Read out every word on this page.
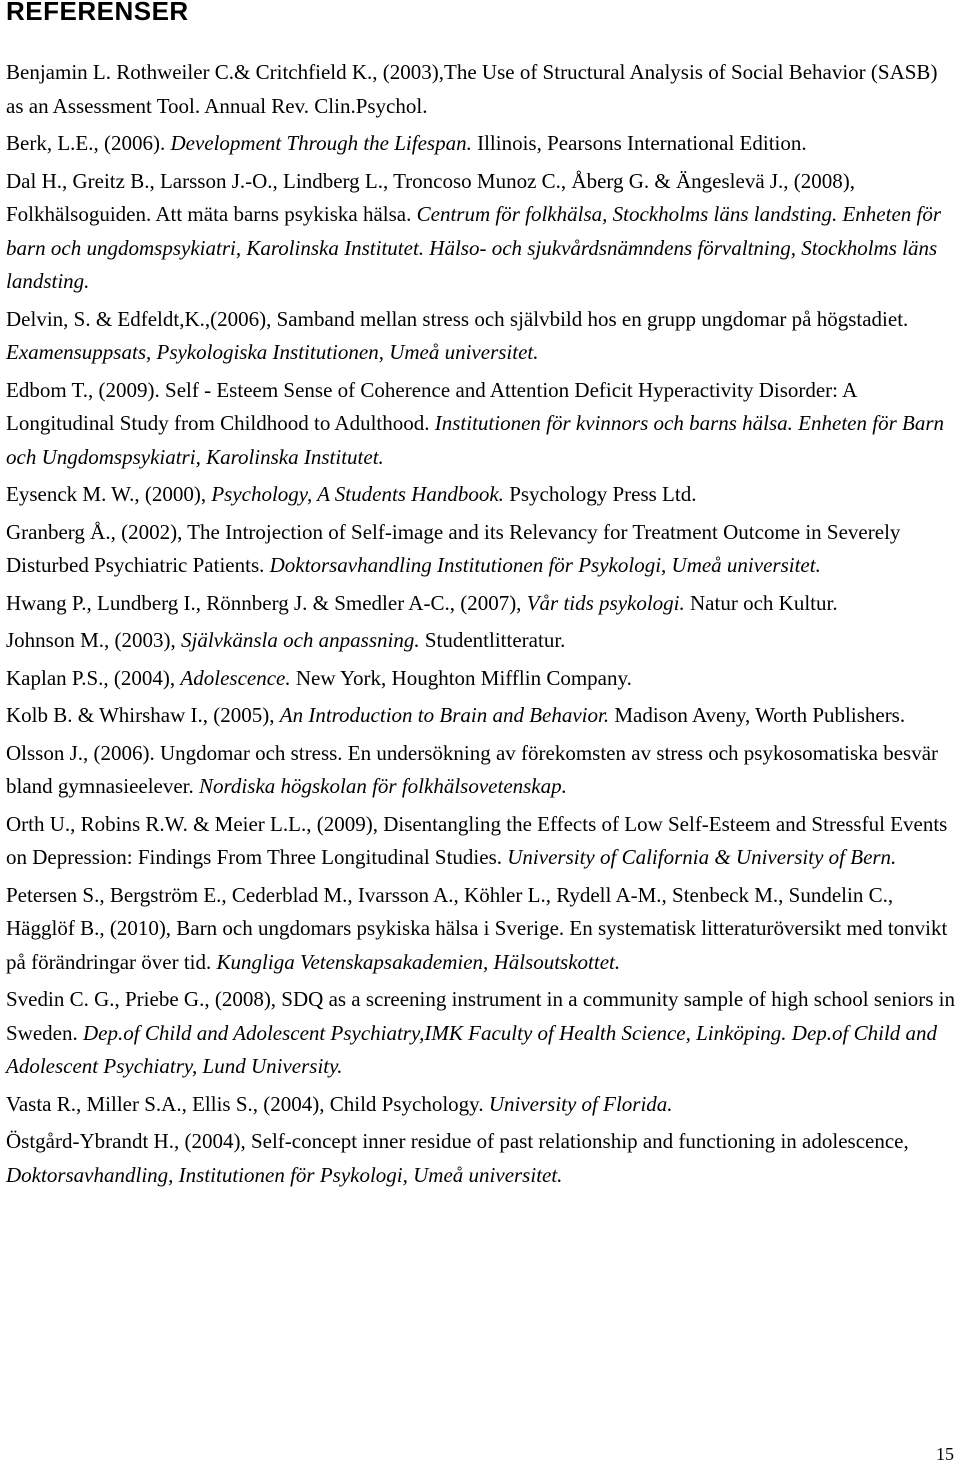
REFERENSER

Benjamin L. Rothweiler C.& Critchfield K., (2003),The Use of Structural Analysis of Social Behavior (SASB) as an Assessment Tool. Annual Rev. Clin.Psychol.

Berk, L.E., (2006). Development Through the Lifespan. Illinois, Pearsons International Edition.

Dal H., Greitz B., Larsson J.-O., Lindberg L., Troncoso Munoz C., Åberg G. & Ängeslevä J., (2008), Folkhälsoguiden. Att mäta barns psykiska hälsa. Centrum för folkhälsa, Stockholms läns landsting. Enheten för barn och ungdomspsykiatri, Karolinska Institutet. Hälso- och sjukvårdsnämndens förvaltning, Stockholms läns landsting.

Delvin, S. & Edfeldt,K.,(2006), Samband mellan stress och självbild hos en grupp ungdomar på högstadiet. Examensuppsats, Psykologiska Institutionen, Umeå universitet.

Edbom T., (2009). Self - Esteem Sense of Coherence and Attention Deficit Hyperactivity Disorder: A Longitudinal Study from Childhood to Adulthood. Institutionen för kvinnors och barns hälsa. Enheten för Barn och Ungdomspsykiatri, Karolinska Institutet.

Eysenck M. W., (2000), Psychology, A Students Handbook. Psychology Press Ltd.

Granberg Å., (2002), The Introjection of Self-image and its Relevancy for Treatment Outcome in Severely Disturbed Psychiatric Patients. Doktorsavhandling Institutionen för Psykologi, Umeå universitet.

Hwang P., Lundberg I., Rönnberg J. & Smedler A-C., (2007), Vår tids psykologi. Natur och Kultur.

Johnson M., (2003), Självkänsla och anpassning. Studentlitteratur.

Kaplan P.S., (2004), Adolescence. New York, Houghton Mifflin Company.

Kolb B. & Whirshaw I., (2005), An Introduction to Brain and Behavior. Madison Aveny, Worth Publishers.

Olsson J., (2006). Ungdomar och stress. En undersökning av förekomsten av stress och psykosomatiska besvär bland gymnasieelever. Nordiska högskolan för folkhälsovetenskap.

Orth U., Robins R.W. & Meier L.L., (2009), Disentangling the Effects of Low Self-Esteem and Stressful Events on Depression: Findings From Three Longitudinal Studies. University of California & University of Bern.

Petersen S., Bergström E., Cederblad M., Ivarsson A., Köhler L., Rydell A-M., Stenbeck M., Sundelin C., Hägglöf B., (2010), Barn och ungdomars psykiska hälsa i Sverige. En systematisk litteraturöversikt med tonvikt på förändringar över tid. Kungliga Vetenskapsakademien, Hälsoutskottet.

Svedin C. G., Priebe G., (2008), SDQ as a screening instrument in a community sample of high school seniors in Sweden. Dep.of Child and Adolescent Psychiatry,IMK Faculty of Health Science, Linköping. Dep.of Child and Adolescent Psychiatry, Lund University.

Vasta R., Miller S.A., Ellis S., (2004), Child Psychology. University of Florida.

Östgård-Ybrandt H., (2004), Self-concept inner residue of past relationship and functioning in adolescence, Doktorsavhandling, Institutionen för Psykologi, Umeå universitet.

15
